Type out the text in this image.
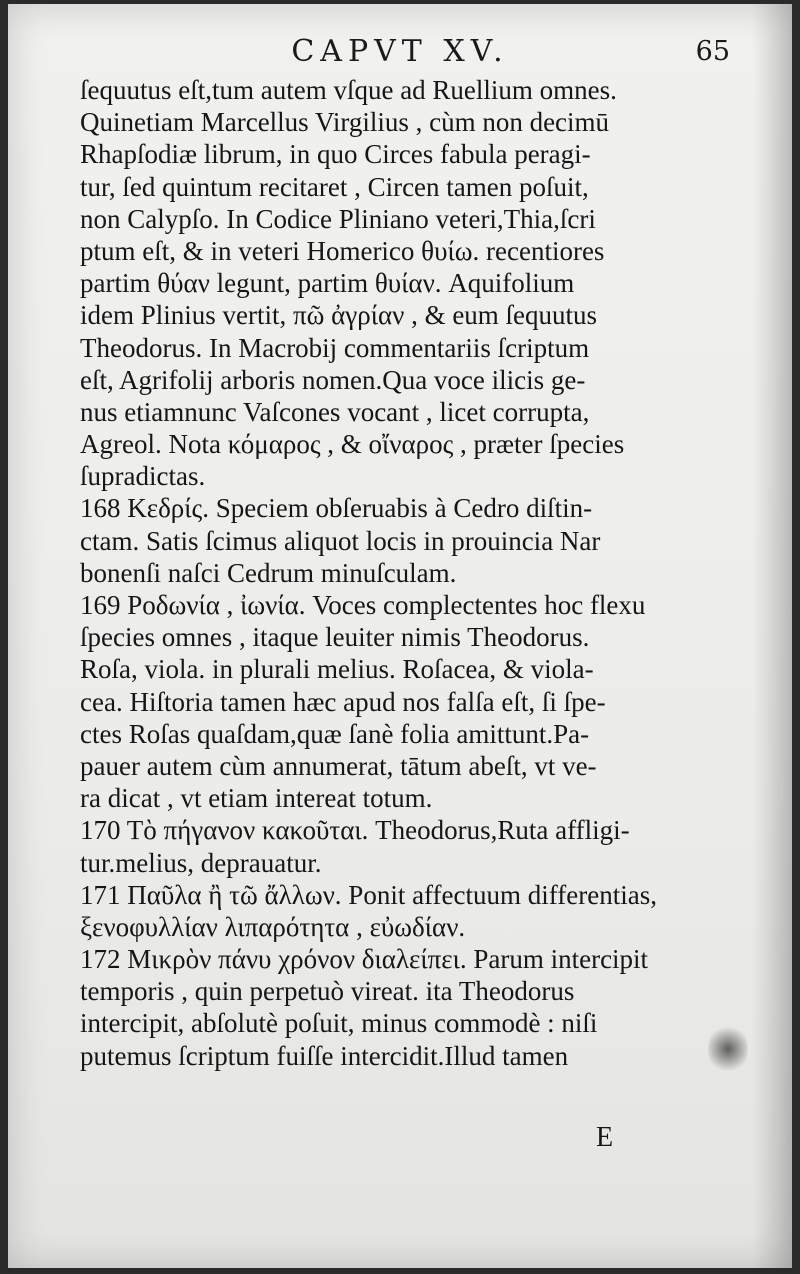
CAPVT XV.	65
ſequutus eſt,tum autem vſque ad Ruellium omnes.
Quinetiam Marcellus Virgilius , cùm non decimū
Rhapſodiæ librum, in quo Circes fabula peragi-
tur, ſed quintum recitaret , Circen tamen poſuit,
non Calypſo. In Codice Pliniano veteri,Thia,ſcri
ptum eſt, & in veteri Homerico θυίω. recentiores
partim θύαν legunt, partim θυίαν. Aquifolium
idem Plinius vertit, πῶ ἀγρίαν , & eum ſequutus
Theodorus. In Macrobij commentariis ſcriptum
eſt, Agrifolij arboris nomen.Qua voce ilicis ge-
nus etiamnunc Vaſcones vocant , licet corrupta,
Agreol. Nota κόμαρος , & οἴναρος , præter ſpecies
ſupradictas.
168 Κεδρίς. Speciem obſeruabis à Cedro diſtin-
ctam. Satis ſcimus aliquot locis in prouincia Nar
bonenſi naſci Cedrum minuſculam.
169 Ροδωνία , ἰωνία. Voces complectentes hoc flexu
ſpecies omnes , itaque leuiter nimis Theodorus.
Roſa, viola. in plurali melius. Roſacea, & viola-
cea. Hiſtoria tamen hæc apud nos falſa eſt, ſi ſpe-
ctes Roſas quaſdam,quæ ſanè folia amittunt.Pa-
pauer autem cùm annumerat, tātum abeſt, vt ve-
ra dicat , vt etiam intereat totum.
170 Τὸ πήγανον κακοῦται. Theodorus,Ruta affligi-
tur.melius, deprauatur.
171 Παῦλα ἢ τῶ ἄλλων. Ponit affectuum differentias,
ξενοφυλλίαν λιπαρότητα , εὐωδίαν.
172 Μικρὸν πάνυ χρόνον διαλείπει. Parum intercipit
temporis , quin perpetuò vireat. ita Theodorus
intercipit, abſolutè poſuit, minus commodè : niſi
putemus ſcriptum fuiſſe intercidit.Illud tamen
E
